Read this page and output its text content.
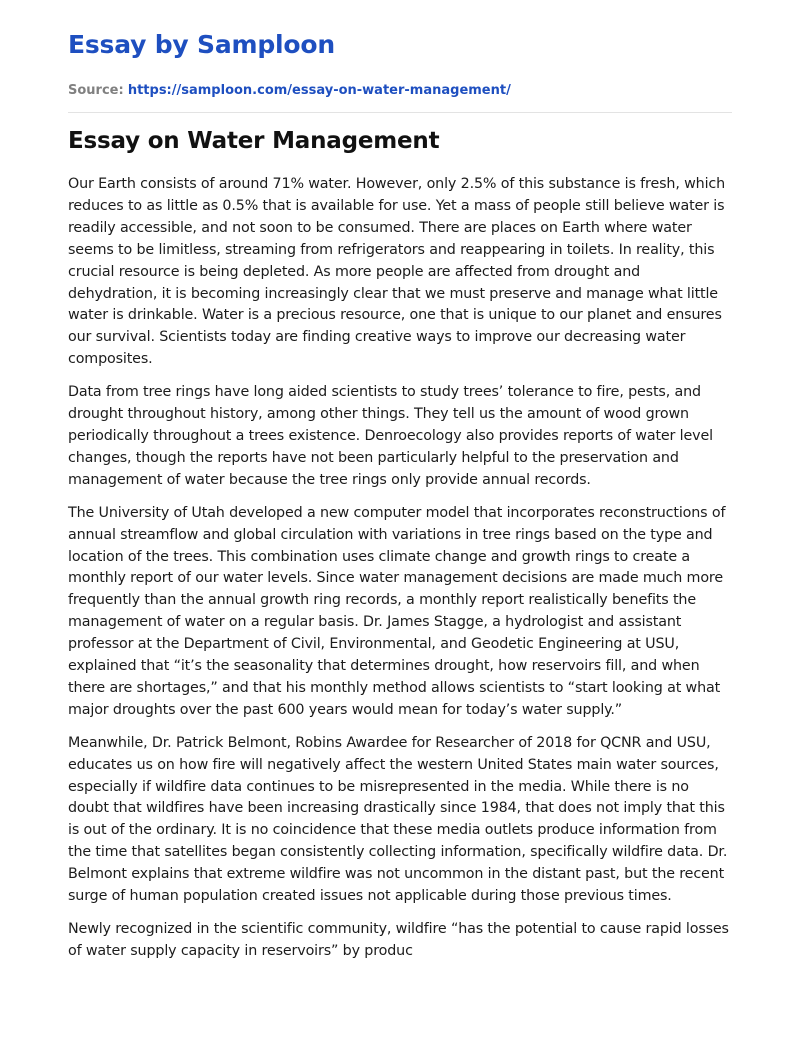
Essay by Samploon
Source: https://samploon.com/essay-on-water-management/
Essay on Water Management

Our Earth consists of around 71% water. However, only 2.5% of this substance is fresh, which reduces to as little as 0.5% that is available for use. Yet a mass of people still believe water is readily accessible, and not soon to be consumed. There are places on Earth where water seems to be limitless, streaming from refrigerators and reappearing in toilets. In reality, this crucial resource is being depleted. As more people are affected from drought and dehydration, it is becoming increasingly clear that we must preserve and manage what little water is drinkable. Water is a precious resource, one that is unique to our planet and ensures our survival. Scientists today are finding creative ways to improve our decreasing water composites.

Data from tree rings have long aided scientists to study trees’ tolerance to fire, pests, and drought throughout history, among other things. They tell us the amount of wood grown periodically throughout a trees existence. Denroecology also provides reports of water level changes, though the reports have not been particularly helpful to the preservation and management of water because the tree rings only provide annual records.

The University of Utah developed a new computer model that incorporates reconstructions of annual streamflow and global circulation with variations in tree rings based on the type and location of the trees. This combination uses climate change and growth rings to create a monthly report of our water levels. Since water management decisions are made much more frequently than the annual growth ring records, a monthly report realistically benefits the management of water on a regular basis. Dr. James Stagge, a hydrologist and assistant professor at the Department of Civil, Environmental, and Geodetic Engineering at USU, explained that “it’s the seasonality that determines drought, how reservoirs fill, and when there are shortages,” and that his monthly method allows scientists to “start looking at what major droughts over the past 600 years would mean for today’s water supply.”

Meanwhile, Dr. Patrick Belmont, Robins Awardee for Researcher of 2018 for QCNR and USU, educates us on how fire will negatively affect the western United States main water sources, especially if wildfire data continues to be misrepresented in the media. While there is no doubt that wildfires have been increasing drastically since 1984, that does not imply that this is out of the ordinary. It is no coincidence that these media outlets produce information from the time that satellites began consistently collecting information, specifically wildfire data. Dr. Belmont explains that extreme wildfire was not uncommon in the distant past, but the recent surge of human population created issues not applicable during those previous times.

Newly recognized in the scientific community, wildfire “has the potential to cause rapid losses of water supply capacity in reservoirs” by produc
